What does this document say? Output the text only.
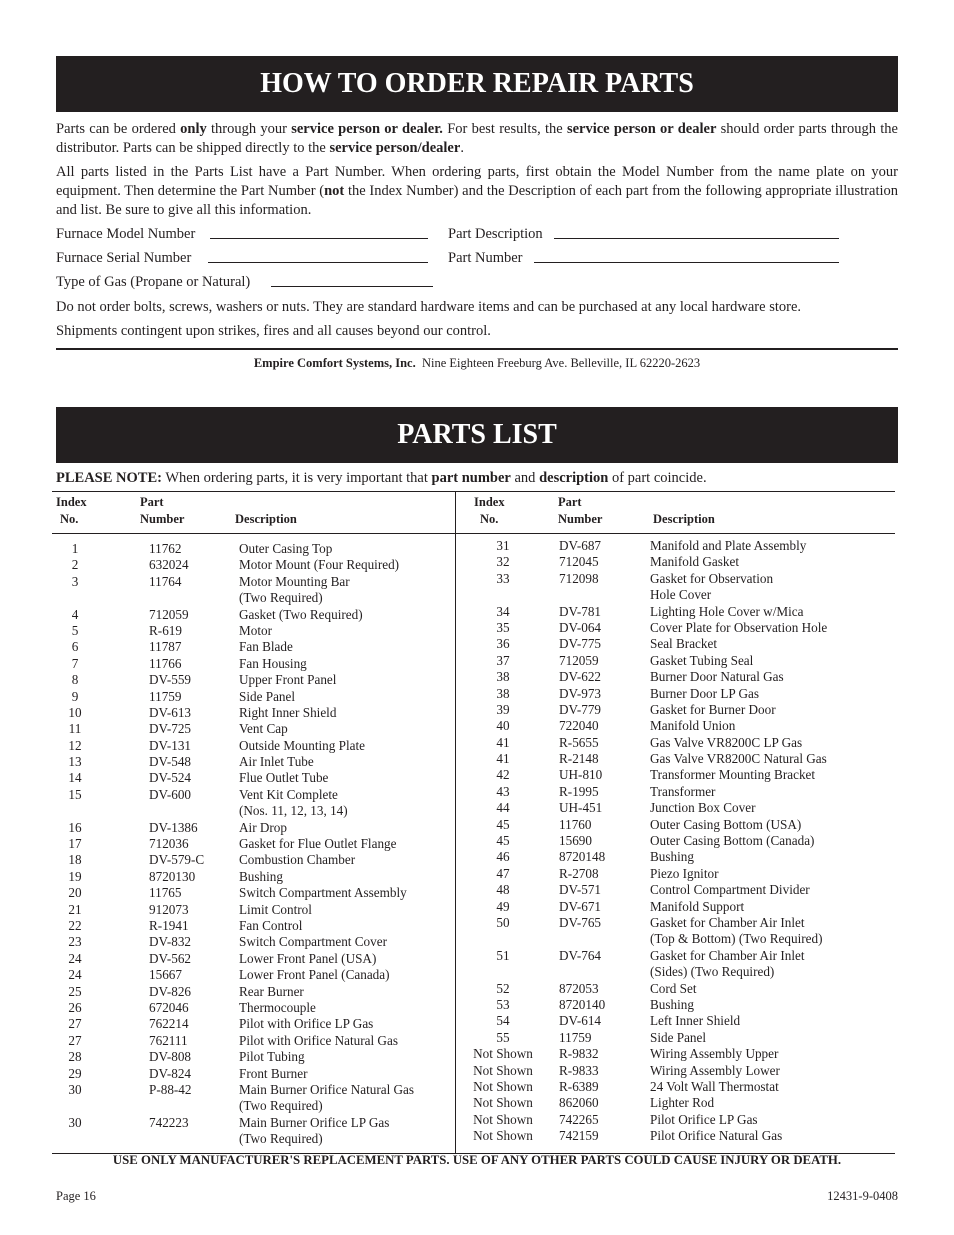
HOW TO ORDER REPAIR PARTS
Parts can be ordered only through your service person or dealer. For best results, the service person or dealer should order parts through the distributor. Parts can be shipped directly to the service person/dealer.
All parts listed in the Parts List have a Part Number. When ordering parts, first obtain the Model Number from the name plate on your equipment. Then determine the Part Number (not the Index Number) and the Description of each part from the following appropriate illustration and list. Be sure to give all this information.
Furnace Model Number	Part Description
Furnace Serial Number	Part Number
Type of Gas (Propane or Natural)
Do not order bolts, screws, washers or nuts. They are standard hardware items and can be purchased at any local hardware store.
Shipments contingent upon strikes, fires and all causes beyond our control.
Empire Comfort Systems, Inc. Nine Eighteen Freeburg Ave. Belleville, IL 62220-2623
PARTS LIST
PLEASE NOTE: When ordering parts, it is very important that part number and description of part coincide.
Index
No.
Part
Number	Description
Index
No.
Part
Number	Description
1	11762	Outer Casing Top
2	632024	Motor Mount (Four Required)
3	11764	Motor Mounting Bar
(Two Required)
4	712059	Gasket (Two Required)
5	R-619	Motor
6	11787	Fan Blade
7	11766	Fan Housing
8	DV-559	Upper Front Panel
9	11759	Side Panel
10	DV-613	Right Inner Shield
11	DV-725	Vent Cap
12	DV-131	Outside Mounting Plate
13	DV-548	Air Inlet Tube
14	DV-524	Flue Outlet Tube
15	DV-600	Vent Kit Complete
(Nos. 11, 12, 13, 14)
16	DV-1386	Air Drop
17	712036	Gasket for Flue Outlet Flange
18	DV-579-C	Combustion Chamber
19	8720130	Bushing
20	11765	Switch Compartment Assembly
21	912073	Limit Control
22	R-1941	Fan Control
23	DV-832	Switch Compartment Cover
24	DV-562	Lower Front Panel (USA)
24	15667	Lower Front Panel (Canada)
25	DV-826	Rear Burner
26	672046	Thermocouple
27	762214	Pilot with Orifice LP Gas
27	762111	Pilot with Orifice Natural Gas
28	DV-808	Pilot Tubing
29	DV-824	Front Burner
30	P-88-42	Main Burner Orifice Natural Gas
(Two Required)
30	742223	Main Burner Orifice LP Gas
(Two Required)
31	DV-687	Manifold and Plate Assembly
32	712045	Manifold Gasket
33	712098	Gasket for Observation
Hole Cover
34	DV-781	Lighting Hole Cover w/Mica
35	DV-064	Cover Plate for Observation Hole
36	DV-775	Seal Bracket
37	712059	Gasket Tubing Seal
38	DV-622	Burner Door Natural Gas
38	DV-973	Burner Door LP Gas
39	DV-779	Gasket for Burner Door
40	722040	Manifold Union
41	R-5655	Gas Valve VR8200C LP Gas
41	R-2148	Gas Valve VR8200C Natural Gas
42	UH-810	Transformer Mounting Bracket
43	R-1995	Transformer
44	UH-451	Junction Box Cover
45	11760	Outer Casing Bottom (USA)
45	15690	Outer Casing Bottom (Canada)
46	8720148	Bushing
47	R-2708	Piezo Ignitor
48	DV-571	Control Compartment Divider
49	DV-671	Manifold Support
50	DV-765	Gasket for Chamber Air Inlet
(Top & Bottom) (Two Required)
51	DV-764	Gasket for Chamber Air Inlet
(Sides) (Two Required)
52	872053	Cord Set
53	8720140	Bushing
54	DV-614	Left Inner Shield
55	11759	Side Panel
Not Shown R-9832	Wiring Assembly Upper
Not Shown R-9833	Wiring Assembly Lower
Not Shown R-6389	24 Volt Wall Thermostat
Not Shown 862060	Lighter Rod
Not Shown 742265	Pilot Orifice LP Gas
Not Shown 742159	Pilot Orifice Natural Gas
USE ONLY MANUFACTURER'S REPLACEMENT PARTS. USE OF ANY OTHER PARTS COULD CAUSE INJURY OR DEATH.
Page 16	12431-9-0408
